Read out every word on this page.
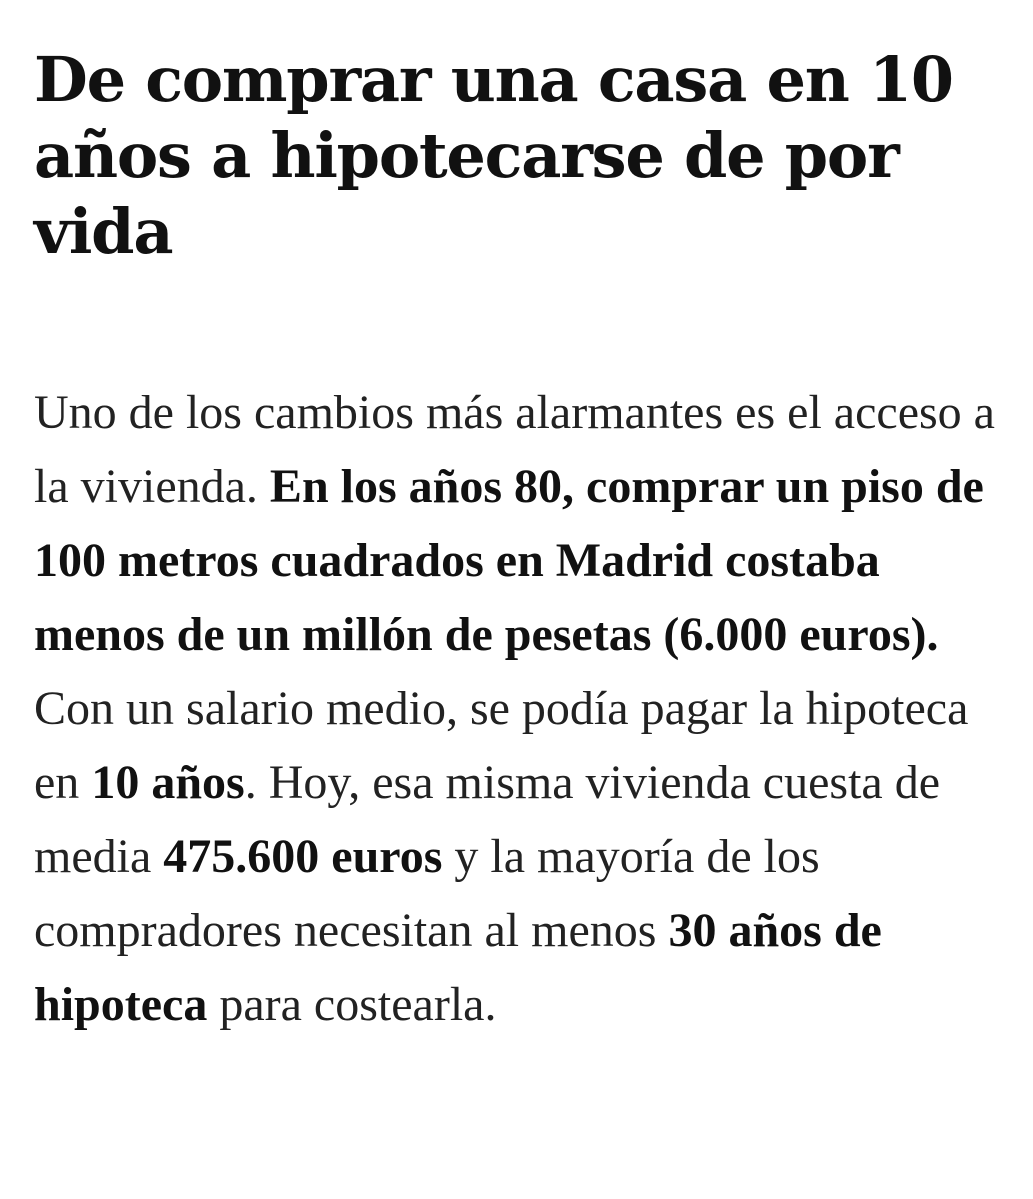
De comprar una casa en 10 años a hipotecarse de por vida

Uno de los cambios más alarmantes es el acceso a la vivienda. En los años 80, comprar un piso de 100 metros cuadrados en Madrid costaba menos de un millón de pesetas (6.000 euros). Con un salario medio, se podía pagar la hipoteca en 10 años. Hoy, esa misma vivienda cuesta de media 475.600 euros y la mayoría de los compradores necesitan al menos 30 años de hipoteca para costearla.
